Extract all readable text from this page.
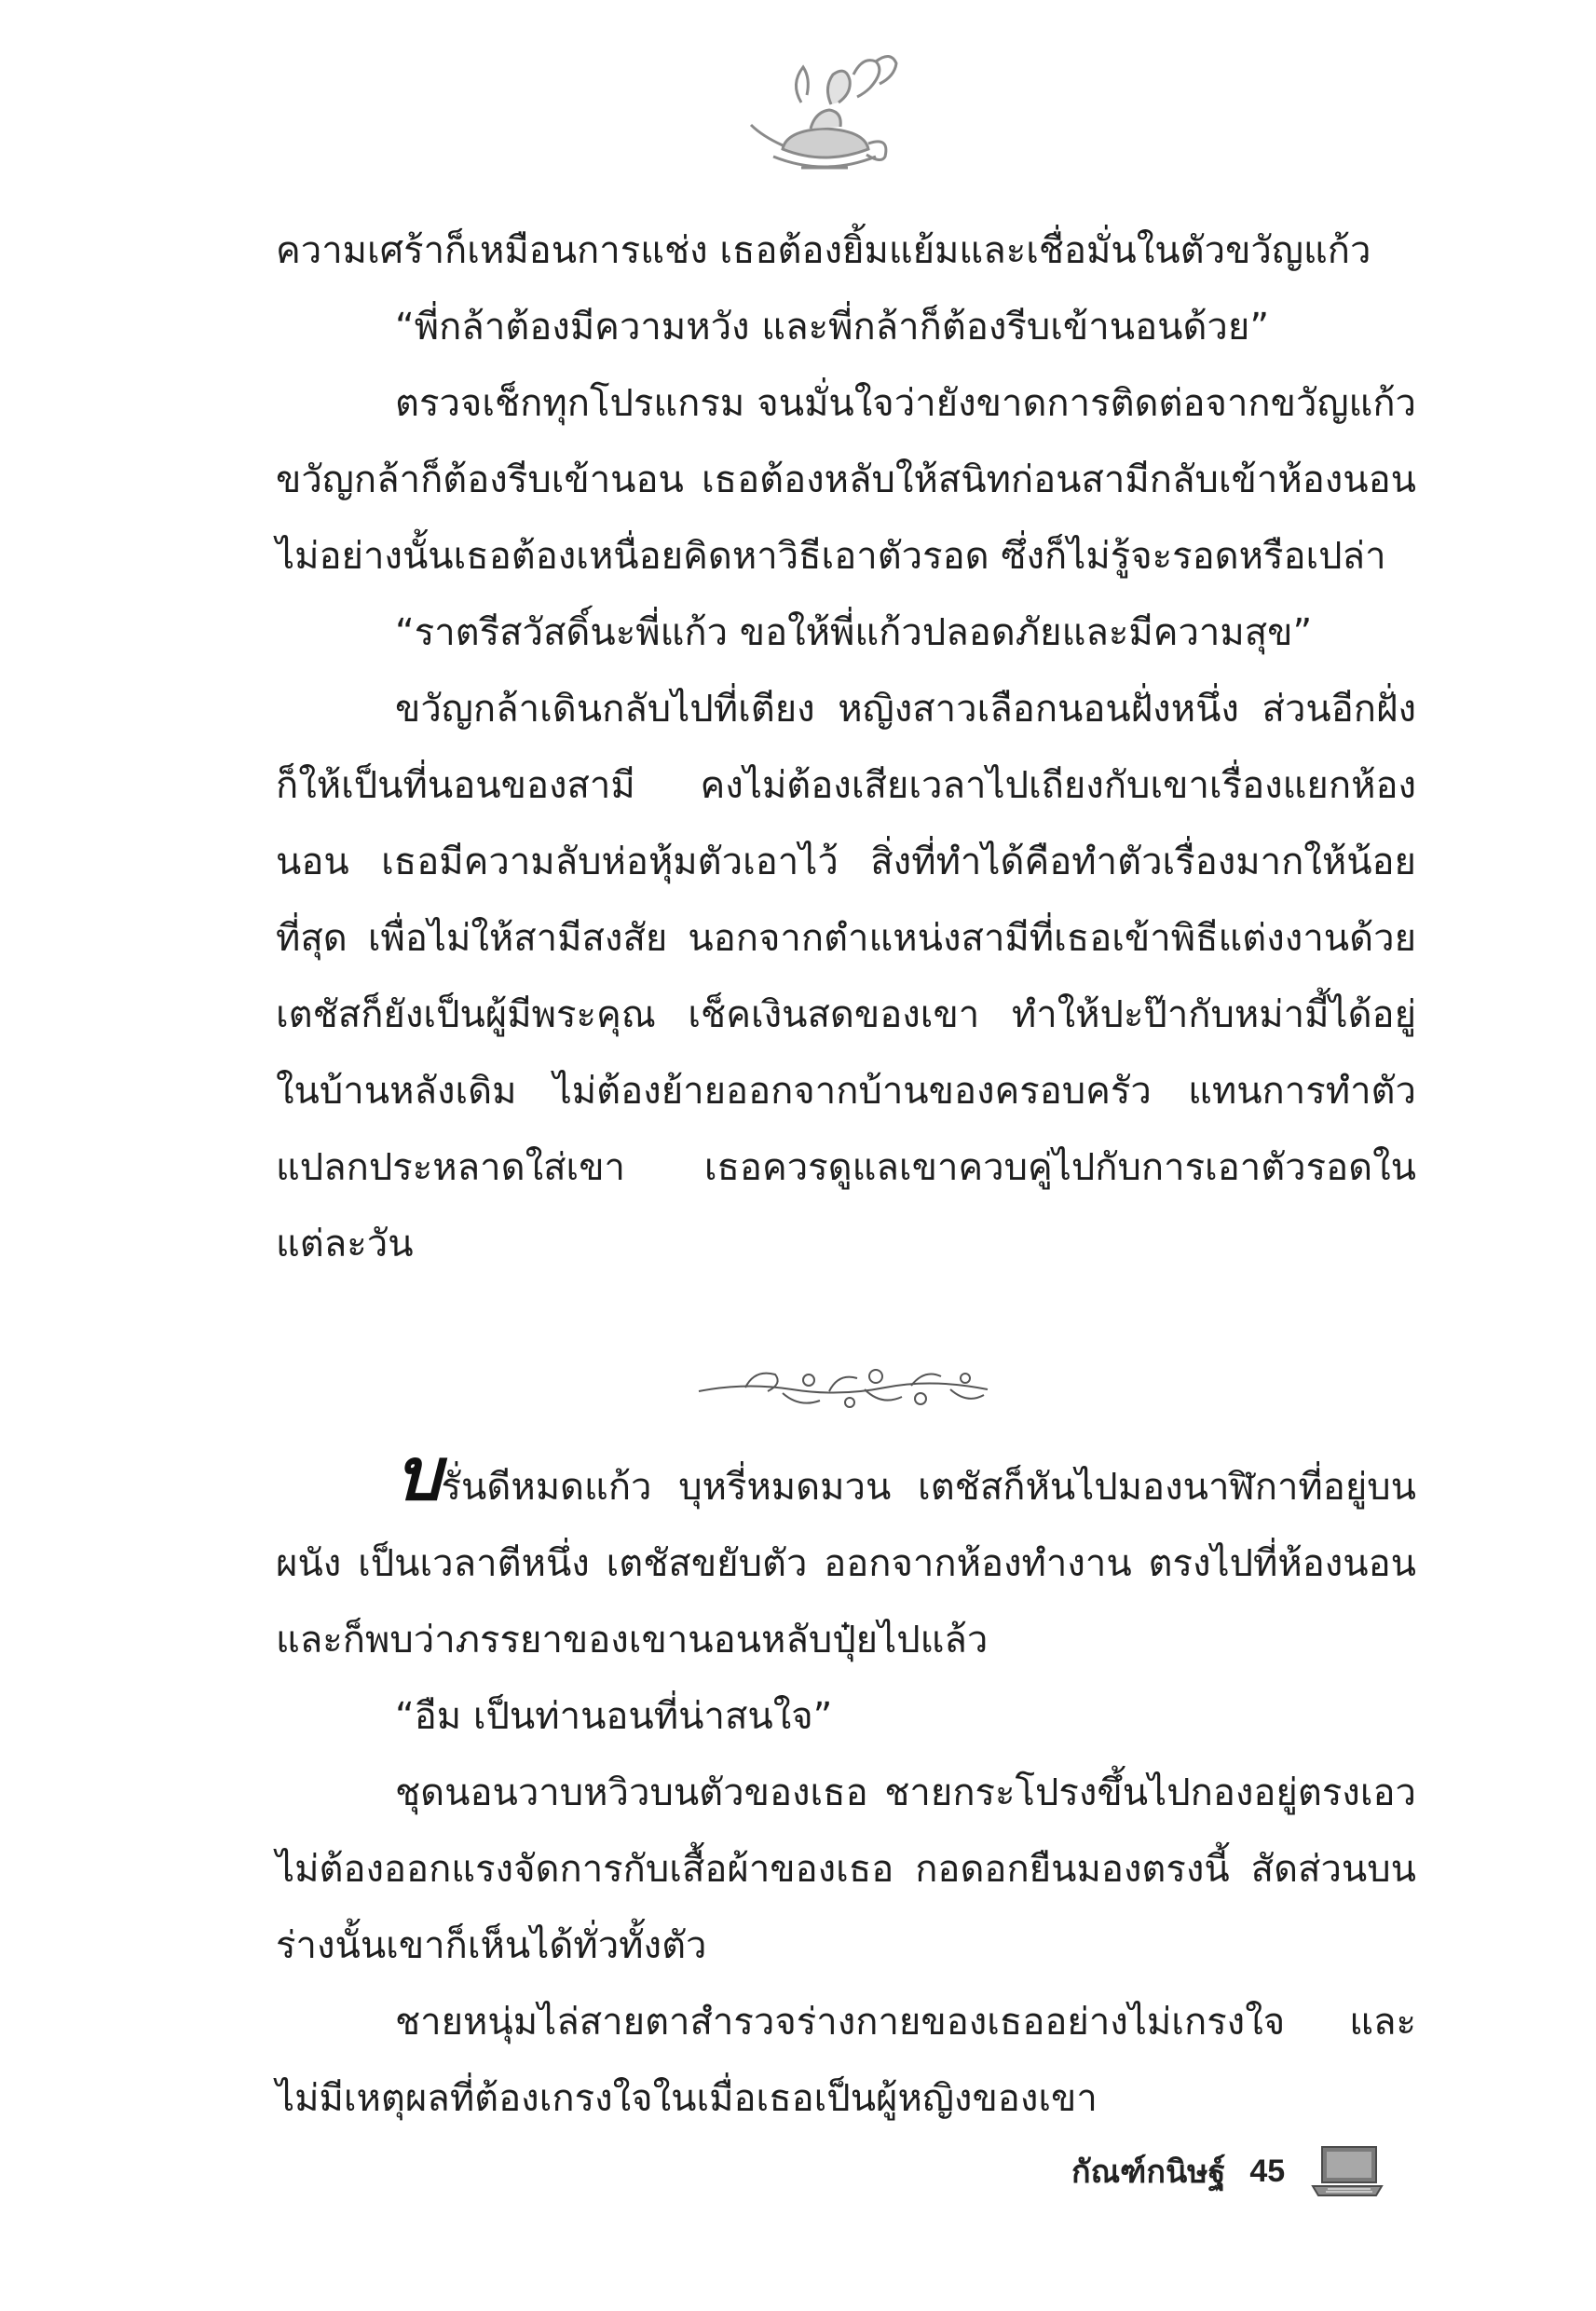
ความเศร้าก็เหมือนการแช่ง เธอต้องยิ้มแย้มและเชื่อมั่นในตัวขวัญแก้ว

“พี่กล้าต้องมีความหวัง และพี่กล้าก็ต้องรีบเข้านอนด้วย”

ตรวจเช็กทุกโปรแกรม จนมั่นใจว่ายังขาดการติดต่อจากขวัญแก้ว ขวัญกล้าก็ต้องรีบเข้านอน เธอต้องหลับให้สนิทก่อนสามีกลับเข้าห้องนอน ไม่อย่างนั้นเธอต้องเหนื่อยคิดหาวิธีเอาตัวรอด ซึ่งก็ไม่รู้จะรอดหรือเปล่า

“ราตรีสวัสดิ์นะพี่แก้ว ขอให้พี่แก้วปลอดภัยและมีความสุข”

ขวัญกล้าเดินกลับไปที่เตียง หญิงสาวเลือกนอนฝั่งหนึ่ง ส่วนอีกฝั่งก็ให้เป็นที่นอนของสามี คงไม่ต้องเสียเวลาไปเถียงกับเขาเรื่องแยกห้องนอน เธอมีความลับห่อหุ้มตัวเอาไว้ สิ่งที่ทำได้คือทำตัวเรื่องมากให้น้อยที่สุด เพื่อไม่ให้สามีสงสัย นอกจากตำแหน่งสามีที่เธอเข้าพิธีแต่งงานด้วย เตชัสก็ยังเป็นผู้มีพระคุณ เช็คเงินสดของเขา ทำให้ปะป๊ากับหม่ามี้ได้อยู่ในบ้านหลังเดิม ไม่ต้องย้ายออกจากบ้านของครอบครัว แทนการทำตัวแปลกประหลาดใส่เขา เธอควรดูแลเขาควบคู่ไปกับการเอาตัวรอดในแต่ละวัน

บรั่นดีหมดแก้ว บุหรี่หมดมวน เตชัสก็หันไปมองนาฬิกาที่อยู่บนผนัง เป็นเวลาตีหนึ่ง เตชัสขยับตัว ออกจากห้องทำงาน ตรงไปที่ห้องนอน และก็พบว่าภรรยาของเขานอนหลับปุ๋ยไปแล้ว

“อืม เป็นท่านอนที่น่าสนใจ”

ชุดนอนวาบหวิวบนตัวของเธอ ชายกระโปรงขึ้นไปกองอยู่ตรงเอว ไม่ต้องออกแรงจัดการกับเสื้อผ้าของเธอ กอดอกยืนมองตรงนี้ สัดส่วนบนร่างนั้นเขาก็เห็นได้ทั่วทั้งตัว

ชายหนุ่มไล่สายตาสำรวจร่างกายของเธออย่างไม่เกรงใจ และไม่มีเหตุผลที่ต้องเกรงใจในเมื่อเธอเป็นผู้หญิงของเขา

กัณฑ์กนิษฐ์ 45
